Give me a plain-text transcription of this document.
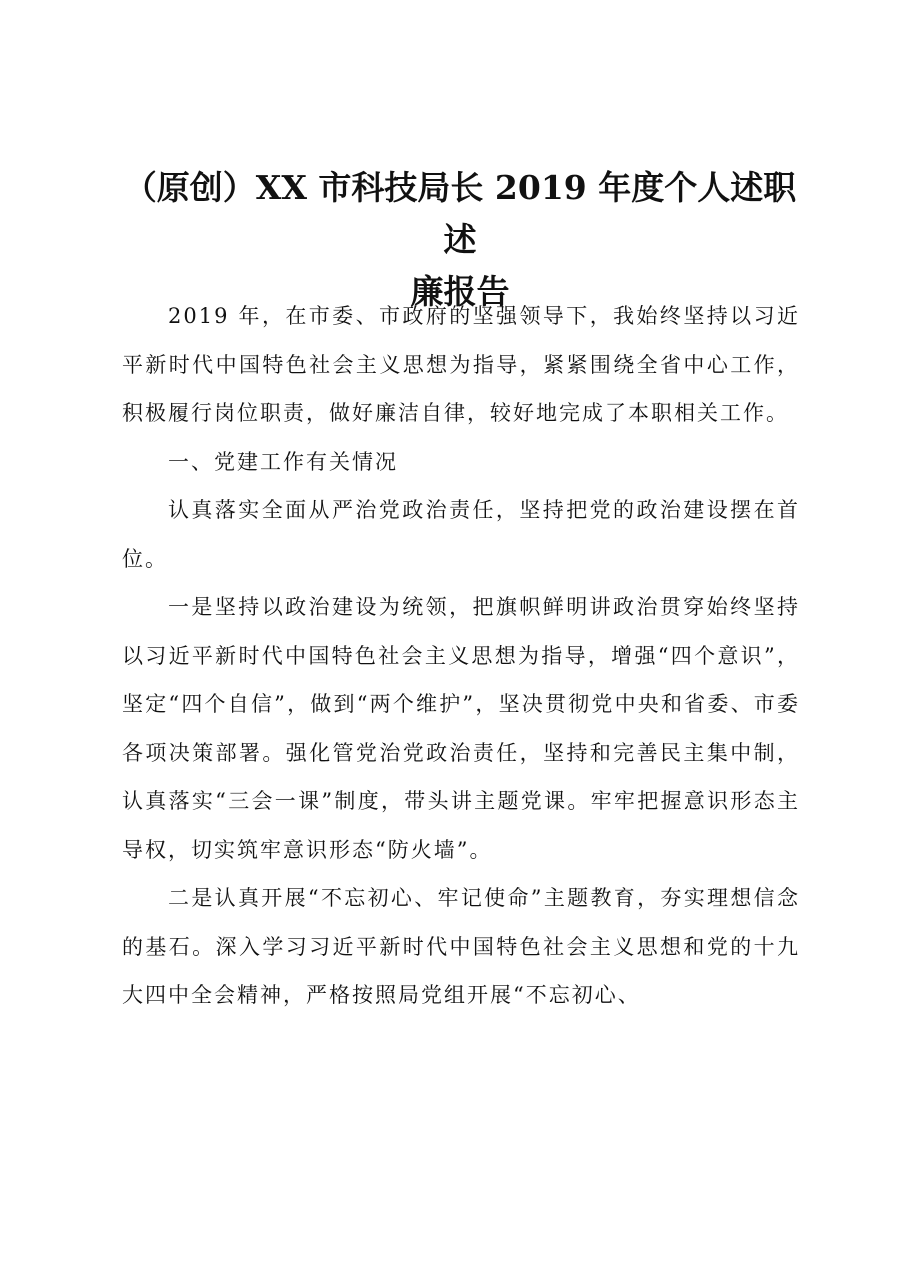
（原创）XX 市科技局长 2019 年度个人述职述
廉报告

2019 年，在市委、市政府的坚强领导下，我始终坚持以习近平新时代中国特色社会主义思想为指导，紧紧围绕全省中心工作，积极履行岗位职责，做好廉洁自律，较好地完成了本职相关工作。

一、党建工作有关情况

认真落实全面从严治党政治责任，坚持把党的政治建设摆在首位。

一是坚持以政治建设为统领，把旗帜鲜明讲政治贯穿始终坚持以习近平新时代中国特色社会主义思想为指导，增强“四个意识”，坚定“四个自信”，做到“两个维护”，坚决贯彻党中央和省委、市委各项决策部署。强化管党治党政治责任，坚持和完善民主集中制，认真落实“三会一课”制度，带头讲主题党课。牢牢把握意识形态主导权，切实筑牢意识形态“防火墙”。

二是认真开展“不忘初心、牢记使命”主题教育，夯实理想信念的基石。深入学习习近平新时代中国特色社会主义思想和党的十九大四中全会精神，严格按照局党组开展“不忘初心、
